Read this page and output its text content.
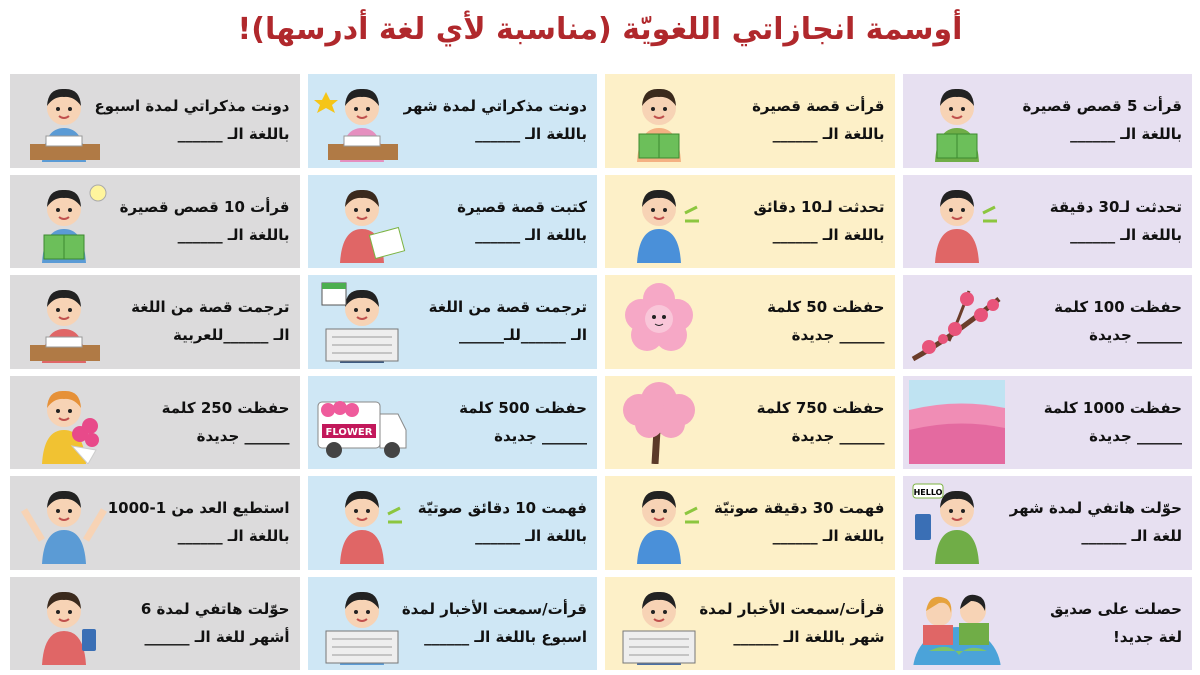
أوسمة انجازاتي اللغويّة (مناسبة لأي لغة أدرسها)!
دونت مذكراتي لمدة اسبوع
باللغة الـ ______
دونت مذكراتي لمدة شهر
باللغة الـ ______
قرأت قصة قصيرة
باللغة الـ ______
قرأت 5 قصص قصيرة
باللغة الـ ______
قرأت 10 قصص قصيرة
باللغة الـ ______
كتبت قصة قصيرة
باللغة الـ ______
تحدثت لـ10 دقائق
باللغة الـ ______
تحدثت لـ30 دقيقة
باللغة الـ ______
ترجمت قصة من اللغة
الـ ______للعربية
ترجمت قصة من اللغة
الـ ______للـ______
حفظت 50 كلمة
______ جديدة
حفظت 100 كلمة
______ جديدة
حفظت 250 كلمة
______ جديدة	FLOWER
حفظت 500 كلمة
______ جديدة
حفظت 750 كلمة
______ جديدة
حفظت 1000 كلمة
______ جديدة
استطيع العد من 1-1000
باللغة الـ ______
فهمت 10 دقائق صوتيّة
باللغة الـ ______
فهمت 30 دقيقة صوتيّة
باللغة الـ ______
HELLO
حوّلت هاتفي لمدة شهر
للغة الـ ______
حوّلت هاتفي لمدة 6
أشهر للغة الـ ______
قرأت/سمعت الأخبار لمدة
اسبوع باللغة الـ ______
قرأت/سمعت الأخبار لمدة
شهر باللغة الـ ______
حصلت على صديق
لغة جديد!
